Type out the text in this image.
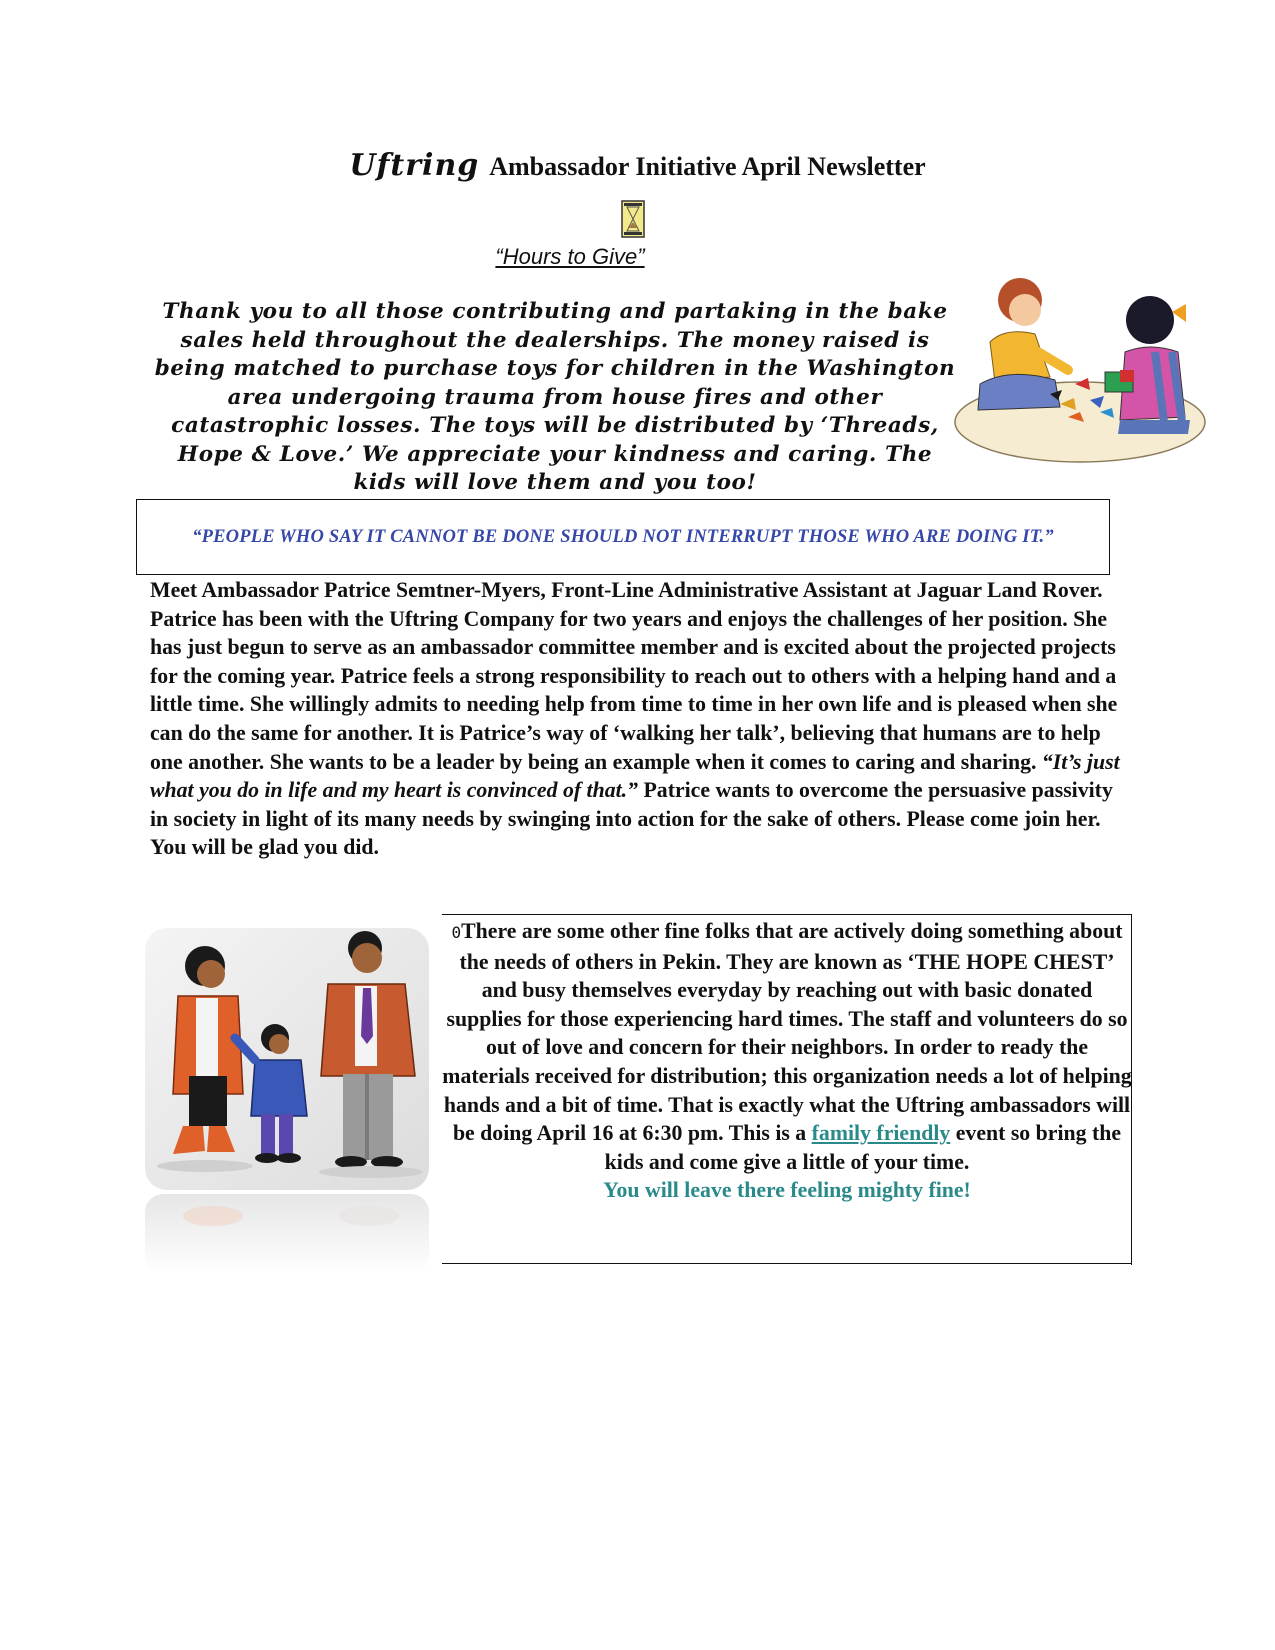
Uftring Ambassador Initiative April Newsletter
“Hours to Give”
Thank you to all those contributing and partaking in the bake sales held throughout the dealerships. The money raised is being matched to purchase toys for children in the Washington area undergoing trauma from house fires and other catastrophic losses. The toys will be distributed by ‘Threads, Hope & Love.’ We appreciate your kindness and caring. The kids will love them and you too!
“PEOPLE WHO SAY IT CANNOT BE DONE SHOULD NOT INTERRUPT THOSE WHO ARE DOING IT.”
Meet Ambassador Patrice Semtner-Myers, Front-Line Administrative Assistant at Jaguar Land Rover. Patrice has been with the Uftring Company for two years and enjoys the challenges of her position. She has just begun to serve as an ambassador committee member and is excited about the projected projects for the coming year. Patrice feels a strong responsibility to reach out to others with a helping hand and a little time. She willingly admits to needing help from time to time in her own life and is pleased when she can do the same for another. It is Patrice’s way of ‘walking her talk’, believing that humans are to help one another. She wants to be a leader by being an example when it comes to caring and sharing. “It’s just what you do in life and my heart is convinced of that.” Patrice wants to overcome the persuasive passivity in society in light of its many needs by swinging into action for the sake of others. Please come join her. You will be glad you did.
0There are some other fine folks that are actively doing something about the needs of others in Pekin. They are known as ‘THE HOPE CHEST’ and busy themselves everyday by reaching out with basic donated supplies for those experiencing hard times. The staff and volunteers do so out of love and concern for their neighbors. In order to ready the materials received for distribution; this organization needs a lot of helping hands and a bit of time. That is exactly what the Uftring ambassadors will be doing April 16 at 6:30 pm. This is a family friendly event so bring the kids and come give a little of your time.
You will leave there feeling mighty fine!
